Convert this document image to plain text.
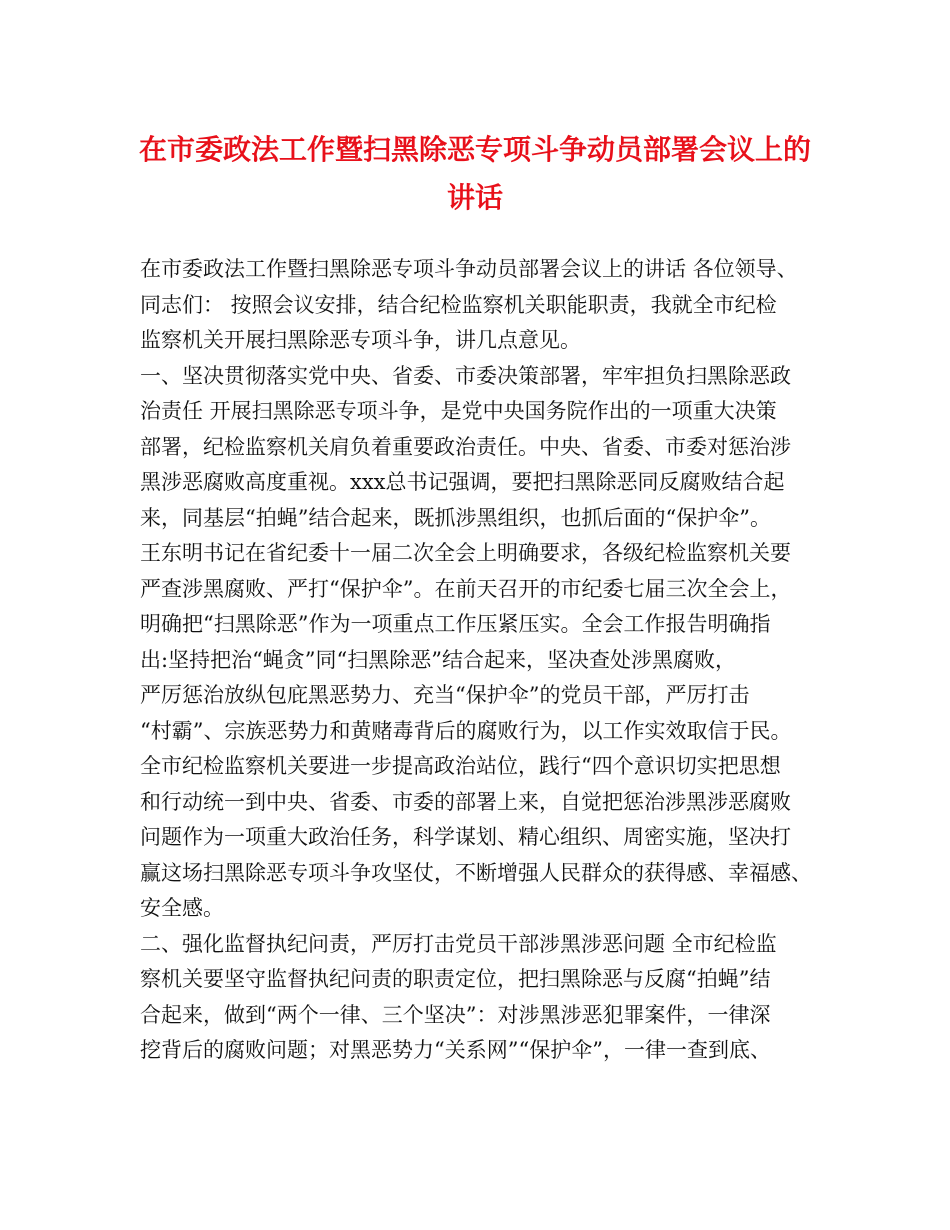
在市委政法工作暨扫黑除恶专项斗争动员部署会议上的
讲话
在市委政法工作暨扫黑除恶专项斗争动员部署会议上的讲话 各位领导、
同志们： 按照会议安排，结合纪检监察机关职能职责，我就全市纪检
监察机关开展扫黑除恶专项斗争，讲几点意见。
一、坚决贯彻落实党中央、省委、市委决策部署，牢牢担负扫黑除恶政
治责任 开展扫黑除恶专项斗争，是党中央国务院作出的一项重大决策
部署，纪检监察机关肩负着重要政治责任。中央、省委、市委对惩治涉
黑涉恶腐败高度重视。xxx总书记强调，要把扫黑除恶同反腐败结合起
来，同基层“拍蝇”结合起来，既抓涉黑组织，也抓后面的“保护伞”。
王东明书记在省纪委十一届二次全会上明确要求，各级纪检监察机关要
严查涉黑腐败、严打“保护伞”。在前天召开的市纪委七届三次全会上，
明确把“扫黑除恶”作为一项重点工作压紧压实。全会工作报告明确指
出:坚持把治“蝇贪”同“扫黑除恶”结合起来，坚决查处涉黑腐败，
严厉惩治放纵包庇黑恶势力、充当“保护伞”的党员干部，严厉打击
“村霸”、宗族恶势力和黄赌毒背后的腐败行为，以工作实效取信于民。
全市纪检监察机关要进一步提高政治站位，践行“四个意识切实把思想
和行动统一到中央、省委、市委的部署上来，自觉把惩治涉黑涉恶腐败
问题作为一项重大政治任务，科学谋划、精心组织、周密实施，坚决打
赢这场扫黑除恶专项斗争攻坚仗，不断增强人民群众的获得感、幸福感、
安全感。
二、强化监督执纪问责，严厉打击党员干部涉黑涉恶问题 全市纪检监
察机关要坚守监督执纪问责的职责定位，把扫黑除恶与反腐“拍蝇”结
合起来，做到“两个一律、三个坚决”：对涉黑涉恶犯罪案件，一律深
挖背后的腐败问题；对黑恶势力“关系网”“保护伞”，一律一查到底、
